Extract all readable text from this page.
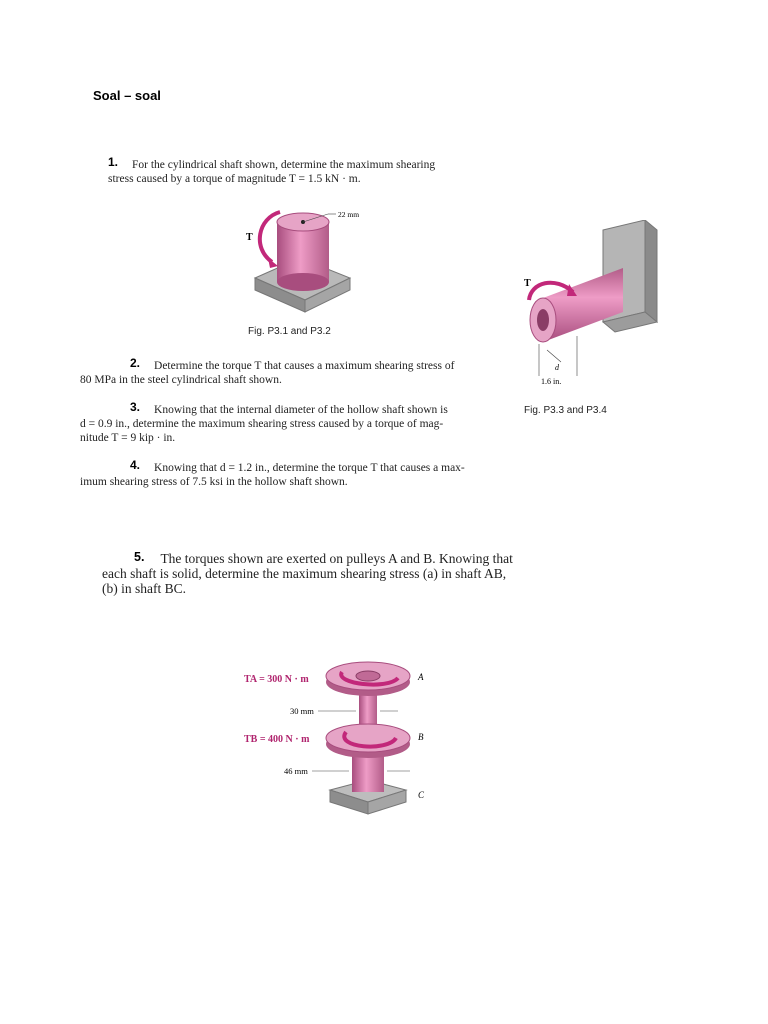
Soal – soal

1. For the cylindrical shaft shown, determine the maximum shearing

stress caused by a torque of magnitude T = 1.5 kN · m.

T
22 mm
Fig. P3.1 and P3.2
T
d
1.6 in.
Fig. P3.3 and P3.4

2. Determine the torque T that causes a maximum shearing stress of

80 MPa in the steel cylindrical shaft shown.

3. Knowing that the internal diameter of the hollow shaft shown is

d = 0.9 in., determine the maximum shearing stress caused by a torque of mag-

nitude T = 9 kip · in.

4. Knowing that d = 1.2 in., determine the torque T that causes a max-

imum shearing stress of 7.5 ksi in the hollow shaft shown.

5. The torques shown are exerted on pulleys A and B. Knowing that

each shaft is solid, determine the maximum shearing stress (a) in shaft AB,

(b) in shaft BC.

TA = 300 N · m
TB = 400 N · m
30 mm
46 mm
A
B
C
